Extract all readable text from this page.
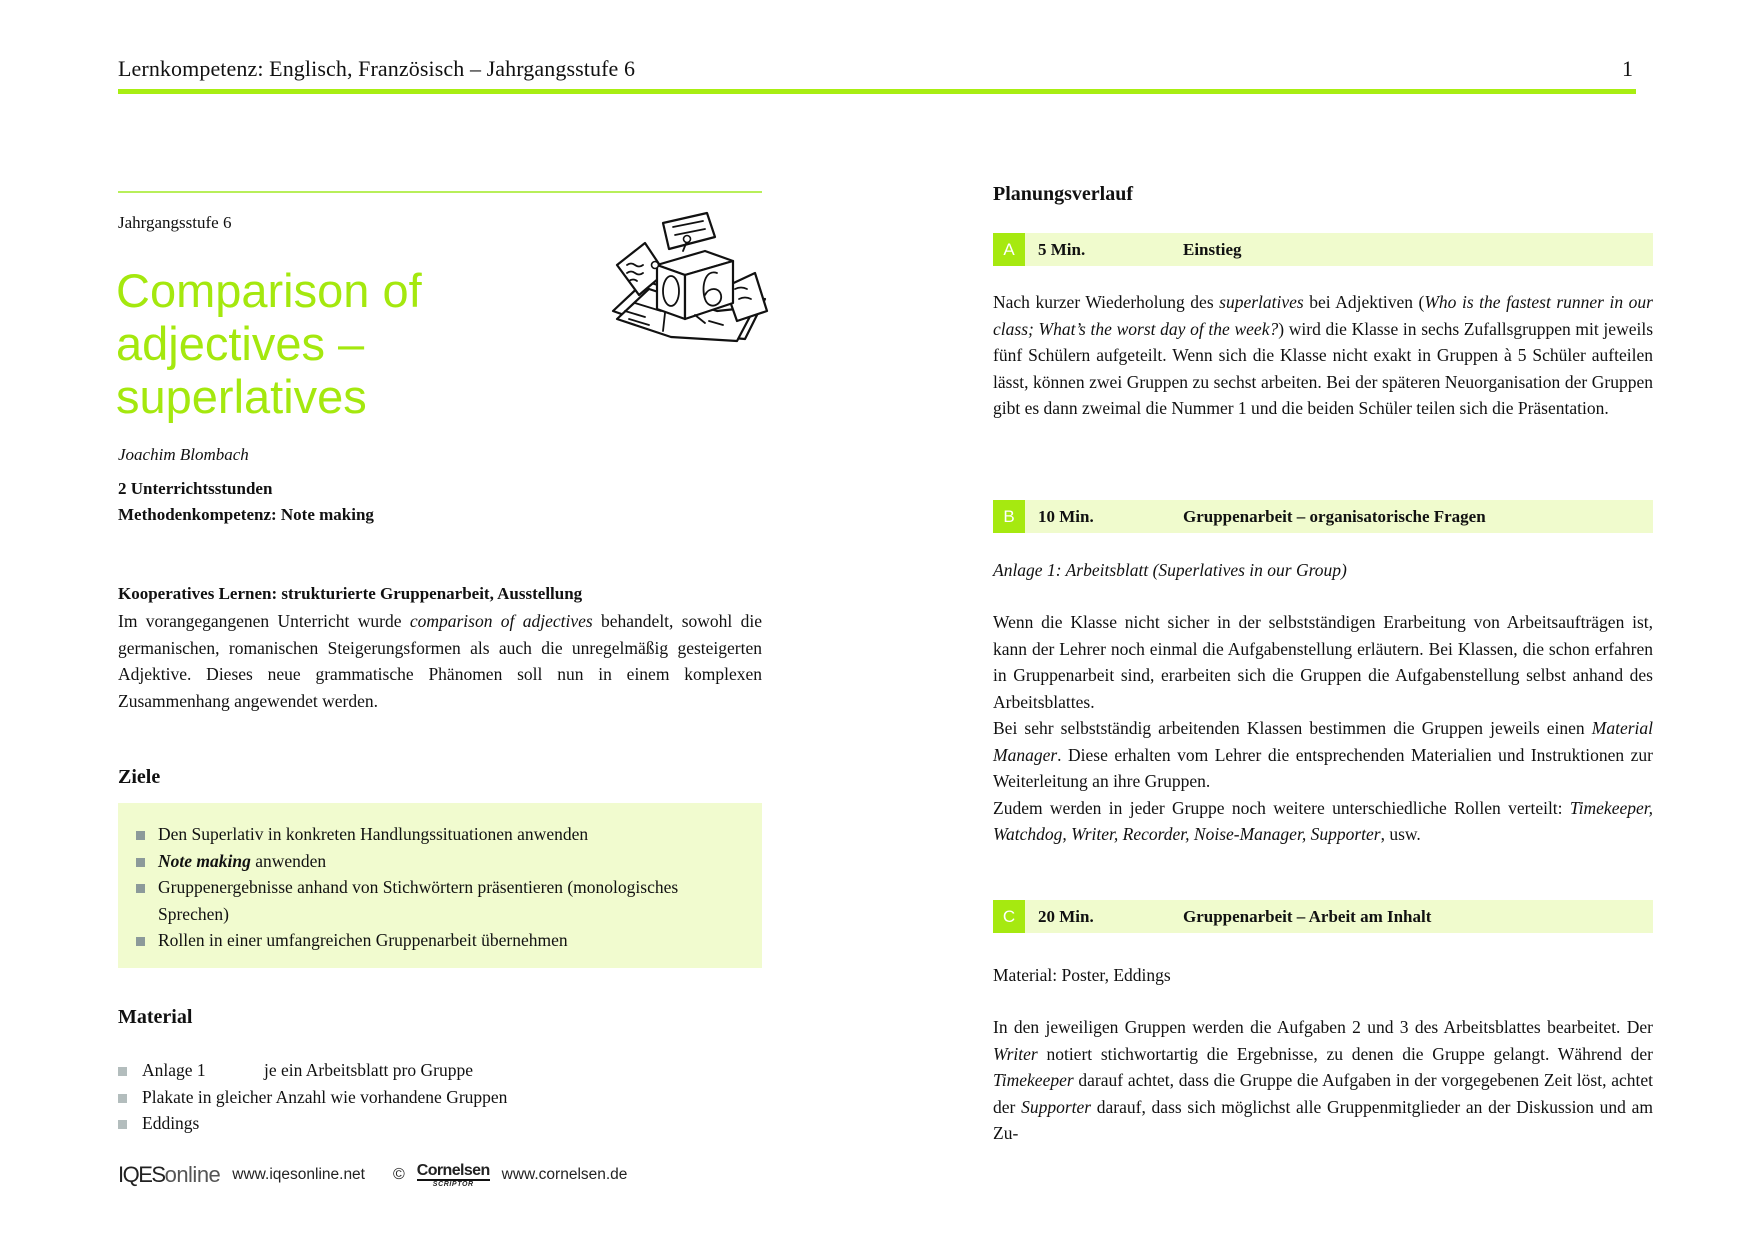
Lernkompetenz: Englisch, Französisch – Jahrgangsstufe 6	1
Jahrgangsstufe 6
Comparison of
adjectives –
superlatives
Joachim Blombach
2 Unterrichtsstunden
Methodenkompetenz: Note making
Kooperatives Lernen: strukturierte Gruppenarbeit, Ausstellung

Im vorangegangenen Unterricht wurde comparison of adjectives behandelt, sowohl die germanischen, romanischen Steigerungsformen als auch die unregelmäßig gesteigerten Adjektive. Dieses neue grammatische Phänomen soll nun in einem komplexen Zusammenhang angewendet werden.

Ziele
Den Superlativ in konkreten Handlungssituationen anwenden
Note making anwenden
Gruppenergebnisse anhand von Stichwörtern präsentieren (monologisches Sprechen)
Rollen in einer umfangreichen Gruppenarbeit übernehmen
Material
Anlage 1	je ein Arbeitsblatt pro Gruppe
Plakate in gleicher Anzahl wie vorhandene Gruppen
Eddings
IQESonline www.iqesonline.net © Cornelsen
SCRIPTOR
www.cornelsen.de
Planungsverlauf
A	5 Min.	Einstieg

Nach kurzer Wiederholung des superlatives bei Adjektiven (Who is the fastest runner in our class; What’s the worst day of the week?) wird die Klasse in sechs Zufallsgruppen mit jeweils fünf Schülern aufgeteilt. Wenn sich die Klasse nicht exakt in Gruppen à 5 Schüler aufteilen lässt, können zwei Gruppen zu sechst arbeiten. Bei der späteren Neuorganisation der Gruppen gibt es dann zweimal die Nummer 1 und die beiden Schüler teilen sich die Präsentation.

B	10 Min.	Gruppenarbeit – organisatorische Fragen

Anlage 1: Arbeitsblatt (Superlatives in our Group)

Wenn die Klasse nicht sicher in der selbstständigen Erarbeitung von Arbeitsaufträgen ist, kann der Lehrer noch einmal die Aufgabenstellung erläutern. Bei Klassen, die schon erfahren in Gruppenarbeit sind, erarbeiten sich die Gruppen die Aufgabenstellung selbst anhand des Arbeitsblattes.

Bei sehr selbstständig arbeitenden Klassen bestimmen die Gruppen jeweils einen Material Manager. Diese erhalten vom Lehrer die entsprechenden Materialien und Instruktionen zur Weiterleitung an ihre Gruppen.

Zudem werden in jeder Gruppe noch weitere unterschiedliche Rollen verteilt: Timekeeper, Watchdog, Writer, Recorder, Noise-Manager, Supporter, usw.

C	20 Min.	Gruppenarbeit – Arbeit am Inhalt

Material: Poster, Eddings

In den jeweiligen Gruppen werden die Aufgaben 2 und 3 des Arbeitsblattes bearbeitet. Der Writer notiert stichwortartig die Ergebnisse, zu denen die Gruppe gelangt. Während der Timekeeper darauf achtet, dass die Gruppe die Aufgaben in der vorgegebenen Zeit löst, achtet der Supporter darauf, dass sich möglichst alle Gruppenmitglieder an der Diskussion und am Zu-
